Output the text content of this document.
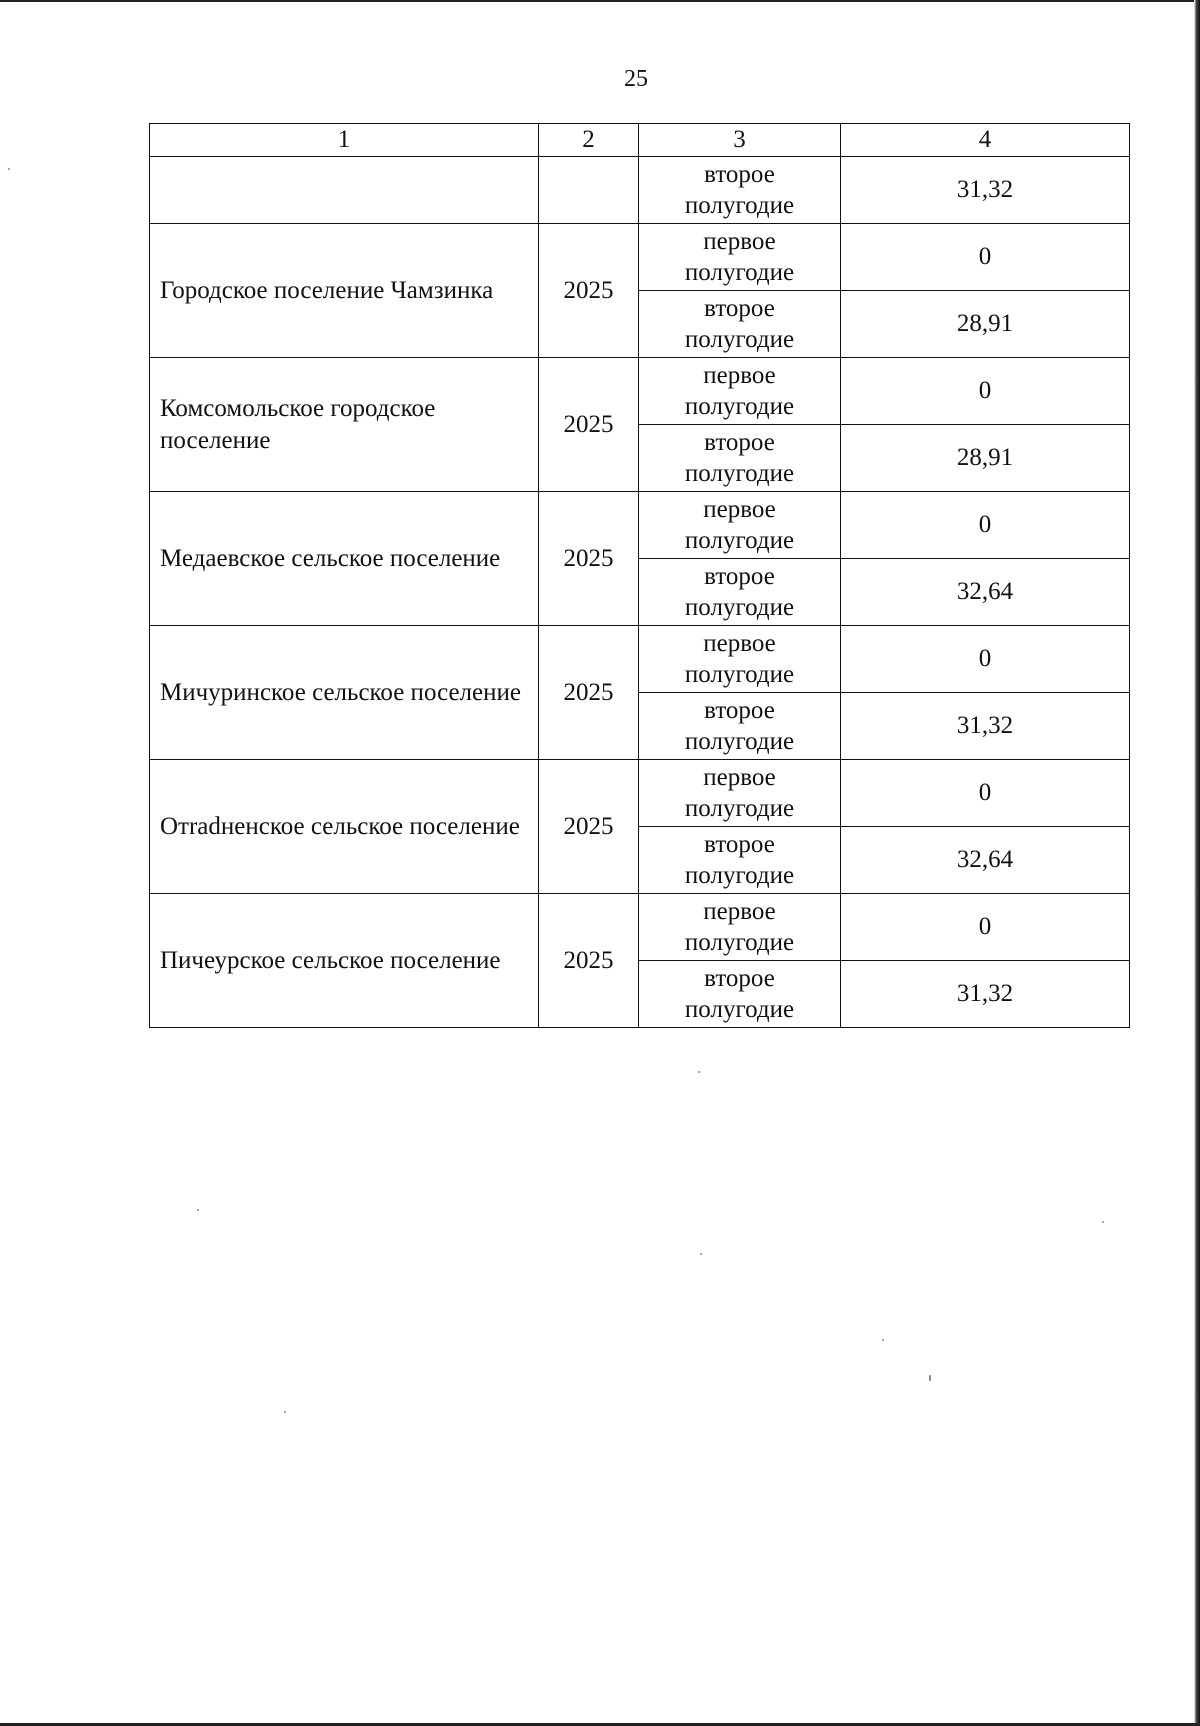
25
1	2	3	4
		второе полугодие	31,32
Городское поселение Чамзинка	2025	первое полугодие	0
		второе полугодие	28,91
Комсомольское городское поселение	2025	первое полугодие	0
		второе полугодие	28,91
Медаевское сельское поселение	2025	первое полугодие	0
		второе полугодие	32,64
Мичуринское сельское поселение	2025	первое полугодие	0
		второе полугодие	31,32
Отradненское сельское поселение	2025	первое полугодие	0
		второе полугодие	32,64
Пичеурское сельское поселение	2025	первое полугодие	0
		второе полугодие	31,32
